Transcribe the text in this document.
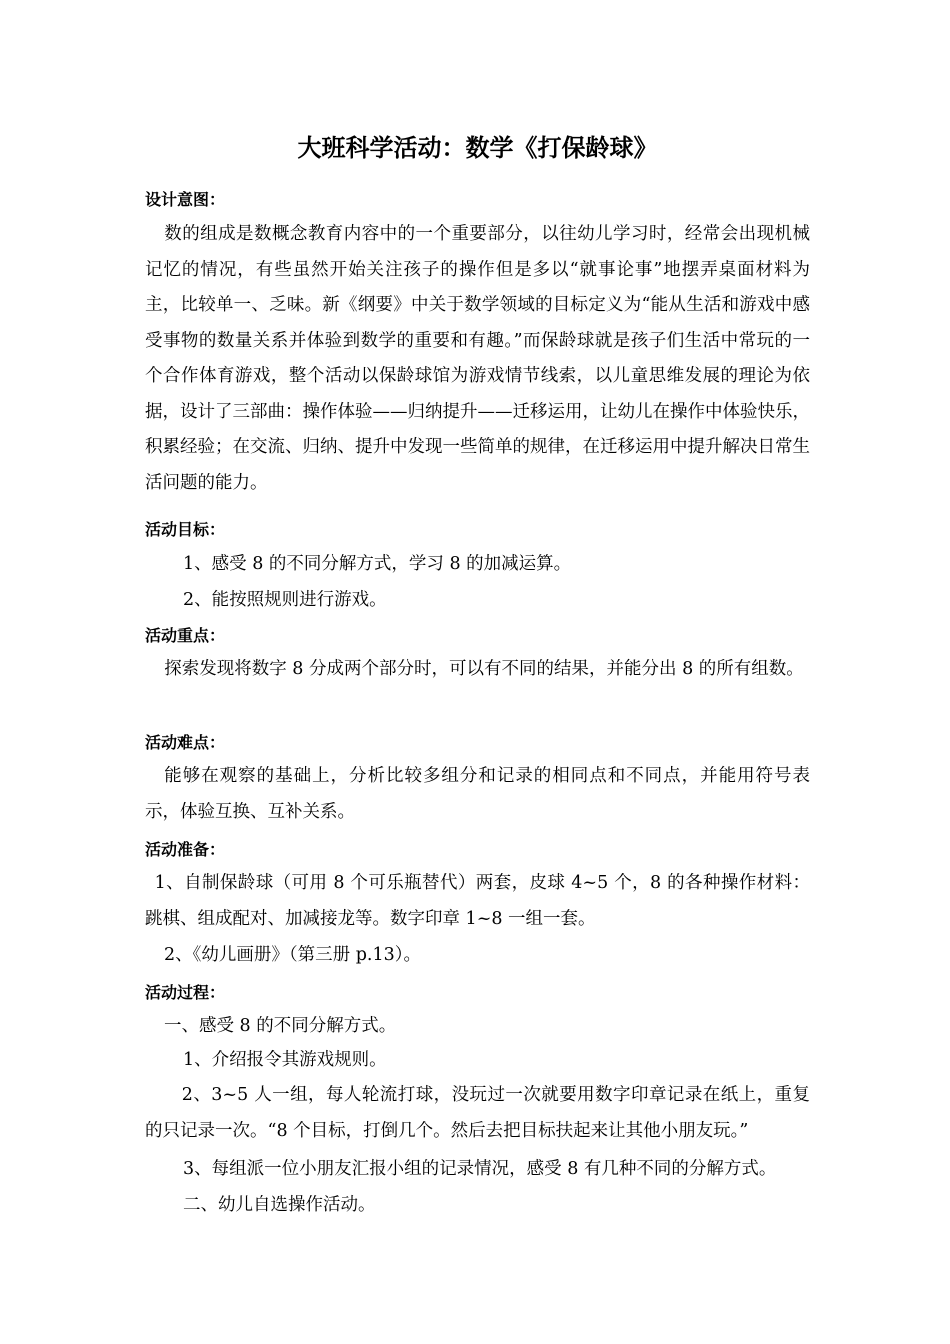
大班科学活动：数学《打保龄球》
设计意图：
数的组成是数概念教育内容中的一个重要部分，以往幼儿学习时，经常会出现机械记忆的情况，有些虽然开始关注孩子的操作但是多以“就事论事”地摆弄桌面材料为主，比较单一、乏味。新《纲要》中关于数学领域的目标定义为“能从生活和游戏中感受事物的数量关系并体验到数学的重要和有趣。”而保龄球就是孩子们生活中常玩的一个合作体育游戏，整个活动以保龄球馆为游戏情节线索，以儿童思维发展的理论为依据，设计了三部曲：操作体验——归纳提升——迁移运用，让幼儿在操作中体验快乐，积累经验；在交流、归纳、提升中发现一些简单的规律，在迁移运用中提升解决日常生活问题的能力。
活动目标：
1、感受 8 的不同分解方式，学习 8 的加减运算。
2、能按照规则进行游戏。
活动重点：
探索发现将数字 8 分成两个部分时，可以有不同的结果，并能分出 8 的所有组数。
活动难点：
能够在观察的基础上，分析比较多组分和记录的相同点和不同点，并能用符号表示，体验互换、互补关系。
活动准备：
1、自制保龄球（可用 8 个可乐瓶替代）两套，皮球 4~5 个，8 的各种操作材料：跳棋、组成配对、加减接龙等。数字印章 1~8 一组一套。
2、《幼儿画册》（第三册 p.13）。
活动过程：
一、感受 8 的不同分解方式。
1、介绍报令其游戏规则。
2、3~5 人一组，每人轮流打球，没玩过一次就要用数字印章记录在纸上，重复的只记录一次。“8 个目标，打倒几个。然后去把目标扶起来让其他小朋友玩。”
3、每组派一位小朋友汇报小组的记录情况，感受 8 有几种不同的分解方式。
二、幼儿自选操作活动。
